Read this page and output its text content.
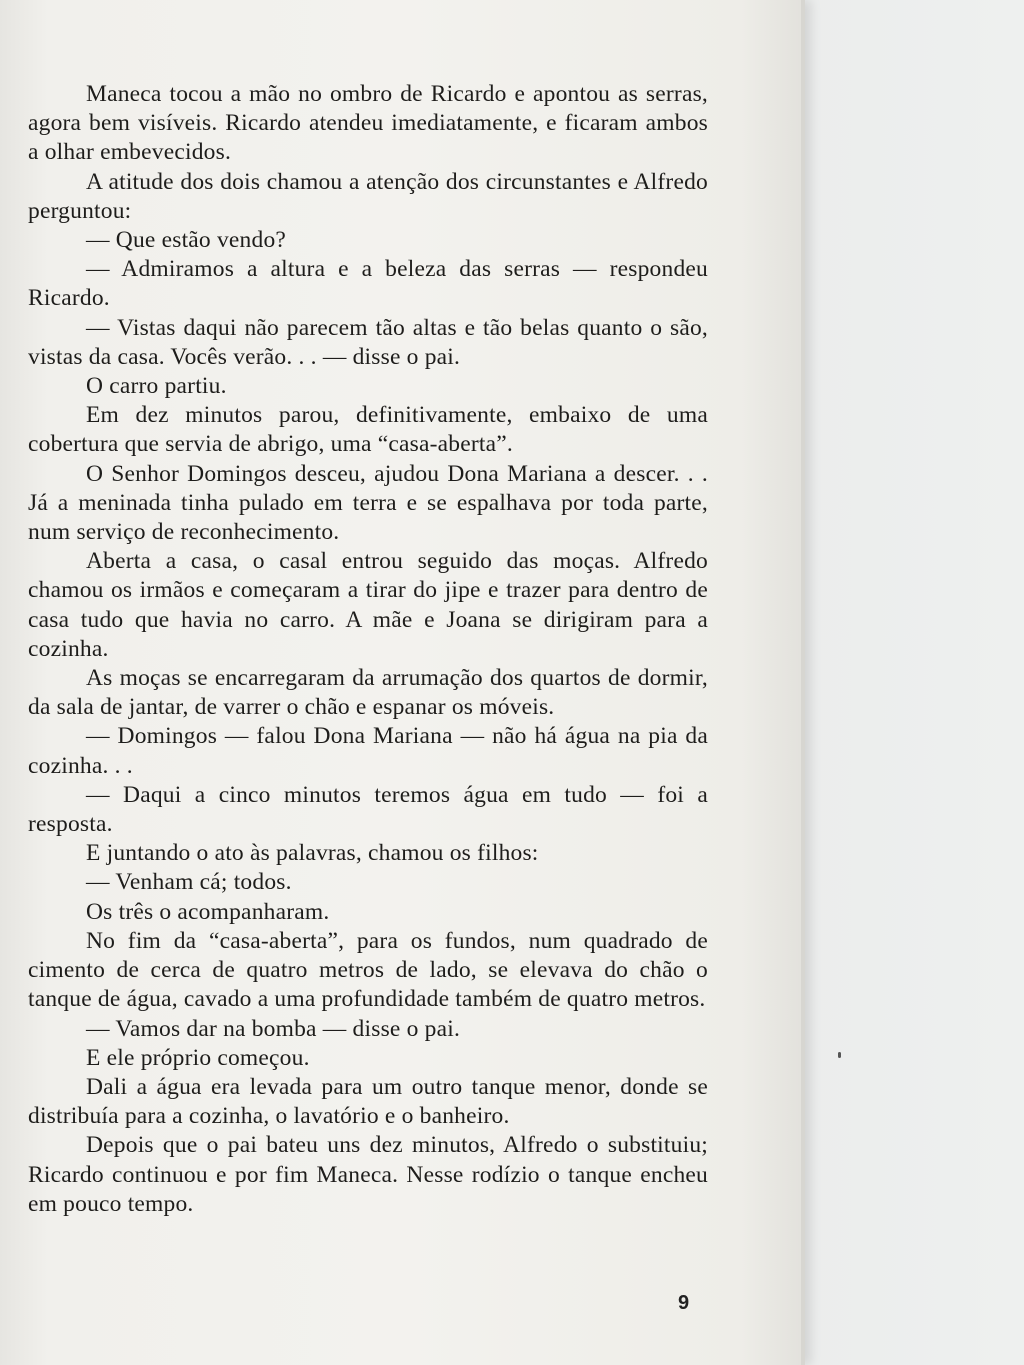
Maneca tocou a mão no ombro de Ricardo e apontou as serras, agora bem visíveis. Ricardo atendeu imediatamente, e ficaram ambos a olhar embevecidos.

A atitude dos dois chamou a atenção dos circunstantes e Alfredo perguntou:

— Que estão vendo?

— Admiramos a altura e a beleza das serras — respondeu Ricardo.

— Vistas daqui não parecem tão altas e tão belas quanto o são, vistas da casa. Vocês verão. . . — disse o pai.

O carro partiu.

Em dez minutos parou, definitivamente, embaixo de uma cobertura que servia de abrigo, uma “casa-aberta”.

O Senhor Domingos desceu, ajudou Dona Mariana a descer. . . Já a meninada tinha pulado em terra e se espalhava por toda parte, num serviço de reconhecimento.

Aberta a casa, o casal entrou seguido das moças. Alfredo chamou os irmãos e começaram a tirar do jipe e trazer para dentro de casa tudo que havia no carro. A mãe e Joana se dirigiram para a cozinha.

As moças se encarregaram da arrumação dos quartos de dormir, da sala de jantar, de varrer o chão e espanar os móveis.

— Domingos — falou Dona Mariana — não há água na pia da cozinha. . .

— Daqui a cinco minutos teremos água em tudo — foi a resposta.

E juntando o ato às palavras, chamou os filhos:

— Venham cá; todos.

Os três o acompanharam.

No fim da “casa-aberta”, para os fundos, num quadrado de cimento de cerca de quatro metros de lado, se elevava do chão o tanque de água, cavado a uma profundidade também de quatro metros.

— Vamos dar na bomba — disse o pai.

E ele próprio começou.

Dali a água era levada para um outro tanque menor, donde se distribuía para a cozinha, o lavatório e o banheiro.

Depois que o pai bateu uns dez minutos, Alfredo o substituiu; Ricardo continuou e por fim Maneca. Nesse rodízio o tanque encheu em pouco tempo.

9
